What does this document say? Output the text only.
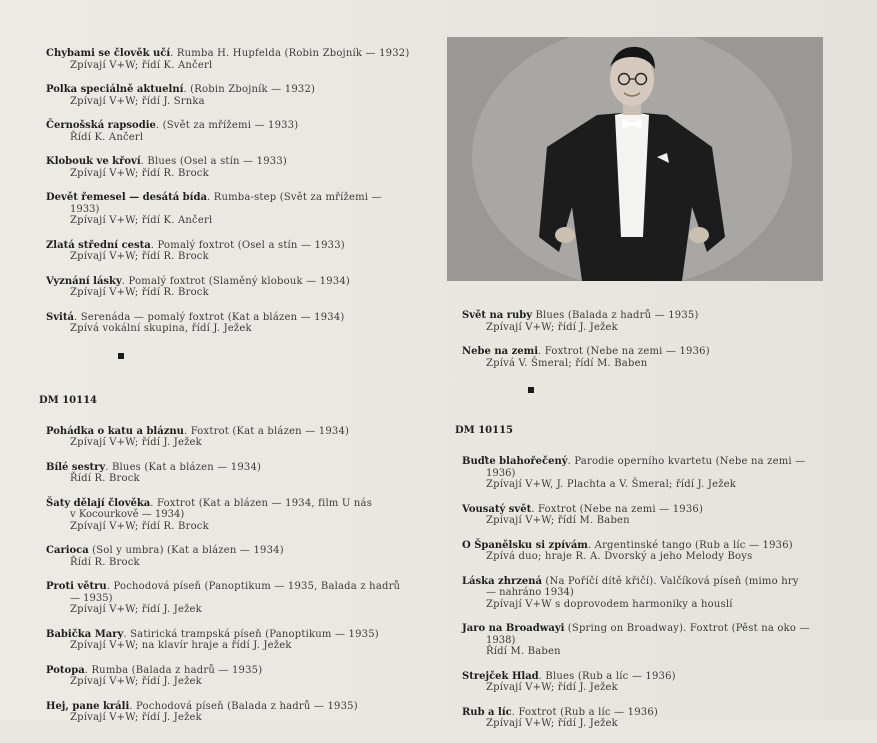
Chybami se člověk učí. Rumba H. Hupfelda (Robin Zbojník — 1932)
Zpívají V+W; řídí K. Ančerl
Polka speciálně aktuelní. (Robin Zbojník — 1932)
Zpívají V+W; řídí J. Srnka
Černošská rapsodie. (Svět za mřížemi — 1933)
Řídí K. Ančerl
Klobouk ve křoví. Blues (Osel a stín — 1933)
Zpívají V+W; řídí R. Brock
Devět řemesel — desátá bída. Rumba-step (Svět za mřížemi —
1933)
Zpívají V+W; řídí K. Ančerl
Zlatá střední cesta. Pomalý foxtrot (Osel a stín — 1933)
Zpívají V+W; řídí R. Brock
Vyznání lásky. Pomalý foxtrot (Slaměný klobouk — 1934)
Zpívají V+W; řídí R. Brock
Svitá. Serenáda — pomalý foxtrot (Kat a blázen — 1934)
Zpívá vokální skupina, řídí J. Ježek
DM 10114
Pohádka o katu a bláznu. Foxtrot (Kat a blázen — 1934)
Zpívají V+W; řídí J. Ježek
Bílé sestry. Blues (Kat a blázen — 1934)
Řídí R. Brock
Šaty dělají člověka. Foxtrot (Kat a blázen — 1934, film U nás
v Kocourkově — 1934)
Zpívají V+W; řídí R. Brock
Carioca (Sol y umbra) (Kat a blázen — 1934)
Řídí R. Brock
Proti větru. Pochodová píseň (Panoptikum — 1935, Balada z hadrů
— 1935)
Zpívají V+W; řídí J. Ježek
Babička Mary. Satirická trampská píseň (Panoptikum — 1935)
Zpívají V+W; na klavír hraje a řídí J. Ježek
Potopa. Rumba (Balada z hadrů — 1935)
Zpívají V+W; řídí J. Ježek
Hej, pane králi. Pochodová píseň (Balada z hadrů — 1935)
Zpívají V+W; řídí J. Ježek
Svět na ruby Blues (Balada z hadrů — 1935)
Zpívají V+W; řídí J. Ježek
Nebe na zemi. Foxtrot (Nebe na zemi — 1936)
Zpívá V. Šmeral; řídí M. Baben
DM 10115
Buďte blahořečený. Parodie operního kvartetu (Nebe na zemi —
1936)
Zpívají V+W, J. Plachta a V. Šmeral; řídí J. Ježek
Vousatý svět. Foxtrot (Nebe na zemi — 1936)
Zpívají V+W; řídí M. Baben
O Španělsku si zpívám. Argentinské tango (Rub a líc — 1936)
Zpívá duo; hraje R. A. Dvorský a jeho Melody Boys
Láska zhrzená (Na Poříčí dítě křičí). Valčíková píseň (mimo hry
— nahráno 1934)
Zpívají V+W s doprovodem harmoniky a houslí
Jaro na Broadwayi (Spring on Broadway). Foxtrot (Pěst na oko —
1938)
Řídí M. Baben
Strejček Hlad. Blues (Rub a líc — 1936)
Zpívají V+W; řídí J. Ježek
Rub a líc. Foxtrot (Rub a líc — 1936)
Zpívají V+W; řídí J. Ježek
